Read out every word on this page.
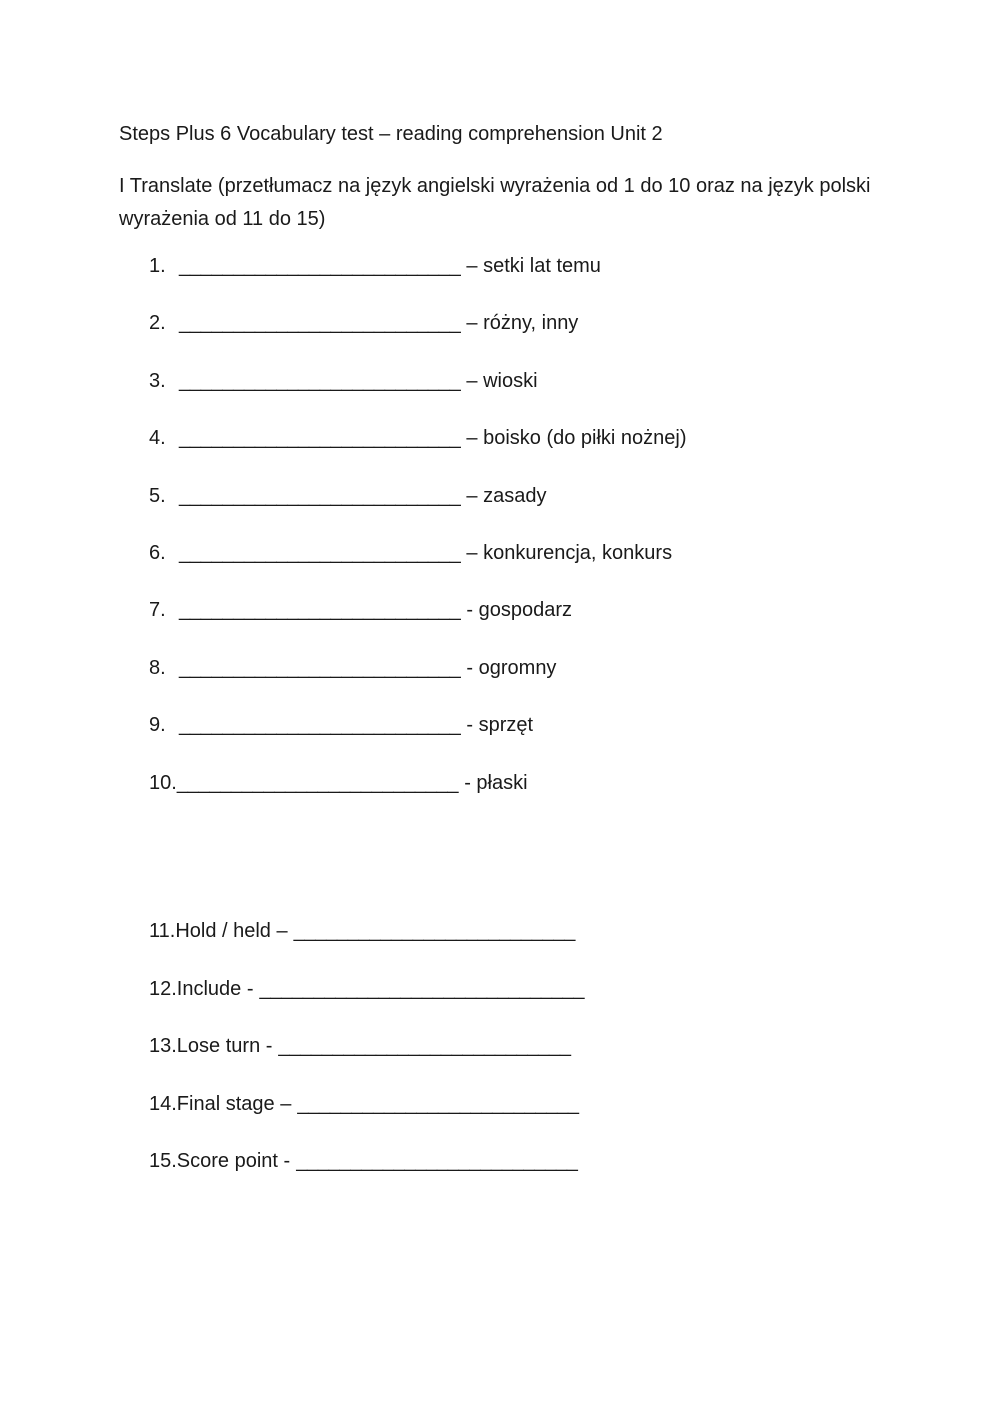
Steps Plus 6 Vocabulary test – reading comprehension Unit 2
I Translate (przetłumacz na język angielski wyrażenia od 1 do 10 oraz na język polski wyrażenia od 11 do 15)
1. __________________________ – setki lat temu
2. __________________________ – różny, inny
3. __________________________ – wioski
4. __________________________ – boisko (do piłki nożnej)
5. __________________________ – zasady
6. __________________________ – konkurencja, konkurs
7. __________________________ - gospodarz
8. __________________________ - ogromny
9. __________________________ - sprzęt
10. __________________________ - płaski
11.Hold / held – __________________________
12.Include - ______________________________
13.Lose turn - ___________________________
14.Final stage – __________________________
15.Score point - __________________________
